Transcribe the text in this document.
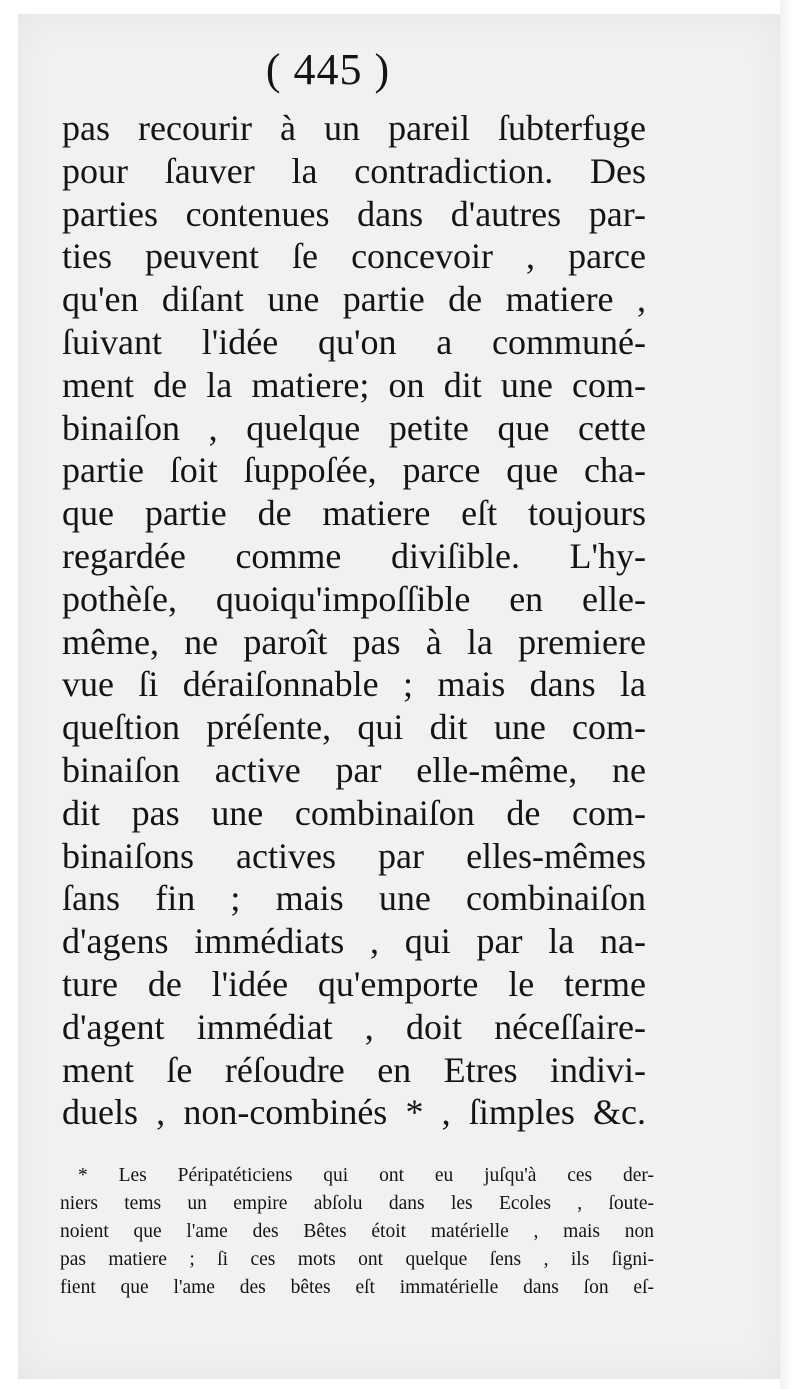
( 445 )
pas recourir à un pareil ſubterfuge
pour ſauver la contradiction. Des
parties contenues dans d'autres par-
ties peuvent ſe concevoir , parce
qu'en diſant une partie de matiere ,
ſuivant l'idée qu'on a communé-
ment de la matiere; on dit une com-
binaiſon , quelque petite que cette
partie ſoit ſuppoſée, parce que cha-
que partie de matiere eſt toujours
regardée comme diviſible. L'hy-
pothèſe, quoiqu'impoſſible en elle-
même, ne paroît pas à la premiere
vue ſi déraiſonnable ; mais dans la
queſtion préſente, qui dit une com-
binaiſon active par elle-même, ne
dit pas une combinaiſon de com-
binaiſons actives par elles-mêmes
ſans fin ; mais une combinaiſon
d'agens immédiats , qui par la na-
ture de l'idée qu'emporte le terme
d'agent immédiat , doit néceſſaire-
ment ſe réſoudre en Etres indivi-
duels , non-combinés * , ſimples &c.
* Les Péripatéticiens qui ont eu juſqu'à ces der-
niers tems un empire abſolu dans les Ecoles , ſoute-
noient que l'ame des Bêtes étoit matérielle , mais non
pas matiere ; ſi ces mots ont quelque ſens , ils ſigni-
fient que l'ame des bêtes eſt immatérielle dans ſon eſ-
